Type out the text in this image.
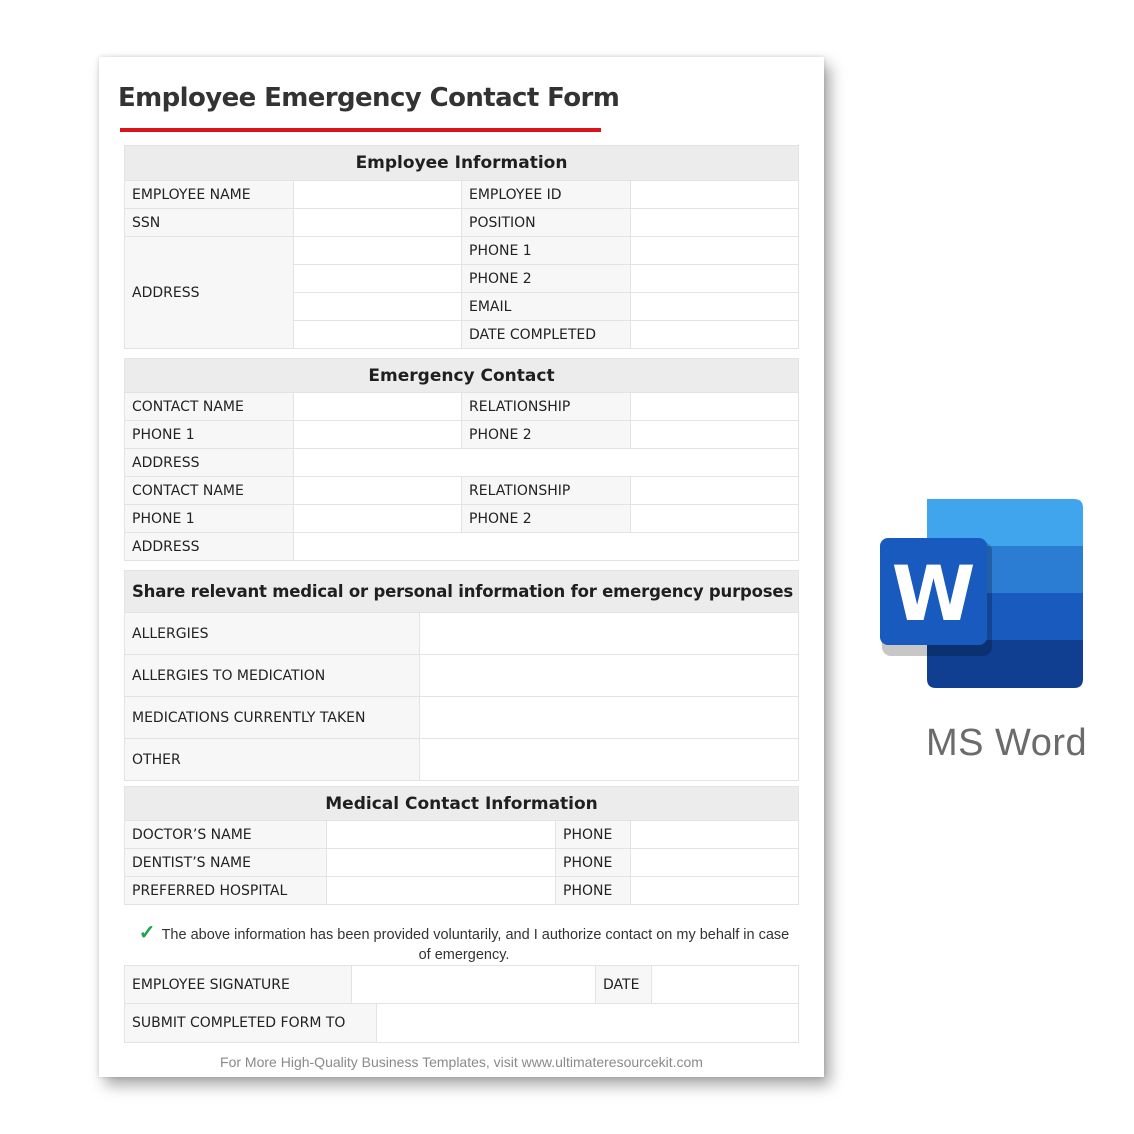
Employee Emergency Contact Form
Employee Information			
EMPLOYEE NAME		EMPLOYEE ID	
SSN		POSITION	
ADDRESS		PHONE 1	
		PHONE 2	
		EMAIL	
		DATE COMPLETED	
Emergency Contact			
CONTACT NAME		RELATIONSHIP	
PHONE 1		PHONE 2	
ADDRESS			
CONTACT NAME		RELATIONSHIP	
PHONE 1		PHONE 2	
ADDRESS			
Share relevant medical or personal information for emergency purposes	
ALLERGIES	
ALLERGIES TO MEDICATION	
MEDICATIONS CURRENTLY TAKEN	
OTHER	
Medical Contact Information			
DOCTOR’S NAME		PHONE	
DENTIST’S NAME		PHONE	
PREFERRED HOSPITAL		PHONE	
✓ The above information has been provided voluntarily, and I authorize contact on my behalf in case of emergency.
EMPLOYEE SIGNATURE		DATE	
SUBMIT COMPLETED FORM TO	
For More High-Quality Business Templates, visit www.ultimateresourcekit.com
W
MS Word
